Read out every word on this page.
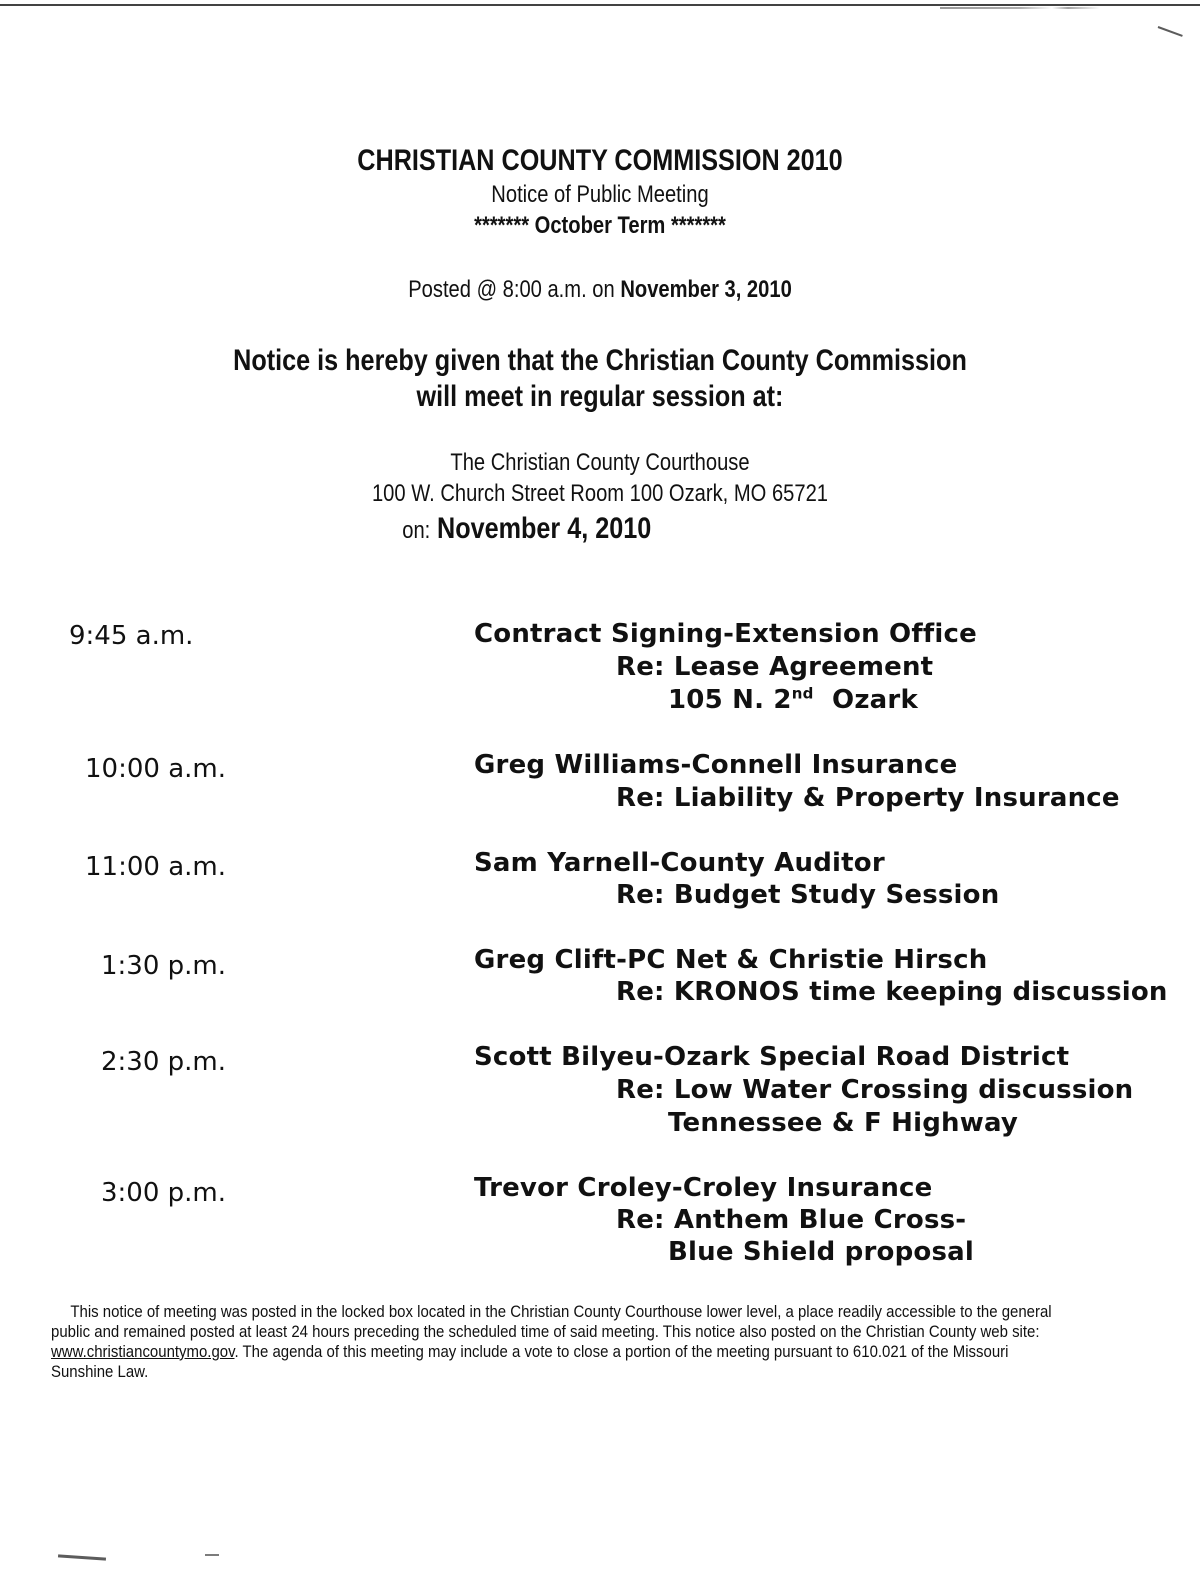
CHRISTIAN COUNTY COMMISSION 2010
Notice of Public Meeting
******* October Term *******
Posted @ 8:00 a.m. on November 3, 2010
Notice is hereby given that the Christian County Commission
will meet in regular session at:
The Christian County Courthouse
100 W. Church Street Room 100 Ozark, MO 65721
on: November 4, 2010
9:45 a.m.	Contract Signing-Extension Office
Re: Lease Agreement
105 N. 2nd  Ozark
10:00 a.m.	Greg Williams-Connell Insurance
Re: Liability & Property Insurance
11:00 a.m.	Sam Yarnell-County Auditor
Re: Budget Study Session
1:30 p.m.	Greg Clift-PC Net & Christie Hirsch
Re: KRONOS time keeping discussion
2:30 p.m.	Scott Bilyeu-Ozark Special Road District
Re: Low Water Crossing discussion
Tennessee & F Highway
3:00 p.m.	Trevor Croley-Croley Insurance
Re: Anthem Blue Cross-
Blue Shield proposal
This notice of meeting was posted in the locked box located in the Christian County Courthouse lower level, a place readily accessible to the general
public and remained posted at least 24 hours preceding the scheduled time of said meeting. This notice also posted on the Christian County web site:
www.christiancountymo.gov. The agenda of this meeting may include a vote to close a portion of the meeting pursuant to 610.021 of the Missouri
Sunshine Law.
